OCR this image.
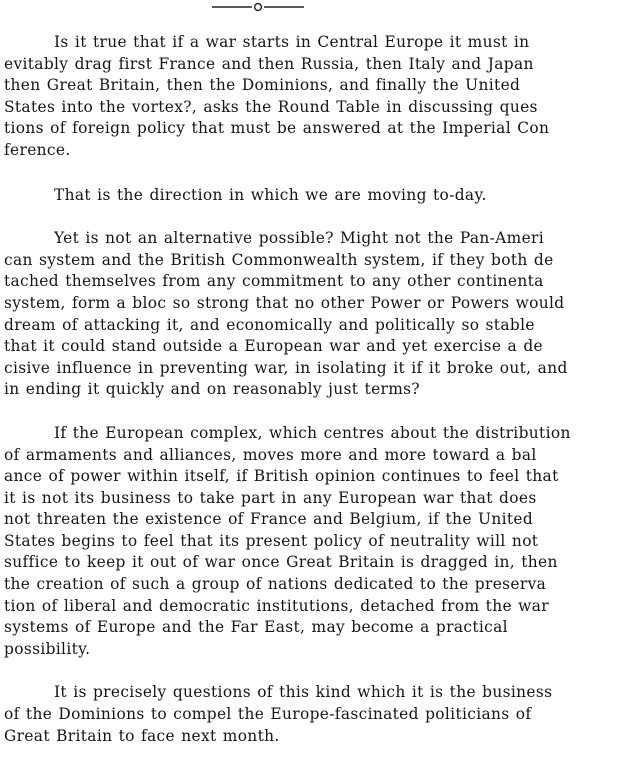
Is it true that if a war starts in Central Europe it must in
evitably drag first France and then Russia, then Italy and Japan
then Great Britain, then the Dominions, and finally the United
States into the vortex?, asks the Round Table in discussing ques
tions of foreign policy that must be answered at the Imperial Con
ference.
That is the direction in which we are moving to-day.
Yet is not an alternative possible? Might not the Pan-Ameri
can system and the British Commonwealth system, if they both de
tached themselves from any commitment to any other continenta
system, form a bloc so strong that no other Power or Powers would
dream of attacking it, and economically and politically so stable
that it could stand outside a European war and yet exercise a de
cisive influence in preventing war, in isolating it if it broke out, and
in ending it quickly and on reasonably just terms?
If the European complex, which centres about the distribution
of armaments and alliances, moves more and more toward a bal
ance of power within itself, if British opinion continues to feel that
it is not its business to take part in any European war that does
not threaten the existence of France and Belgium, if the United
States begins to feel that its present policy of neutrality will not
suffice to keep it out of war once Great Britain is dragged in, then
the creation of such a group of nations dedicated to the preserva
tion of liberal and democratic institutions, detached from the war
systems of Europe and the Far East, may become a practical
possibility.
It is precisely questions of this kind which it is the business
of the Dominions to compel the Europe-fascinated politicians of
Great Britain to face next month.
